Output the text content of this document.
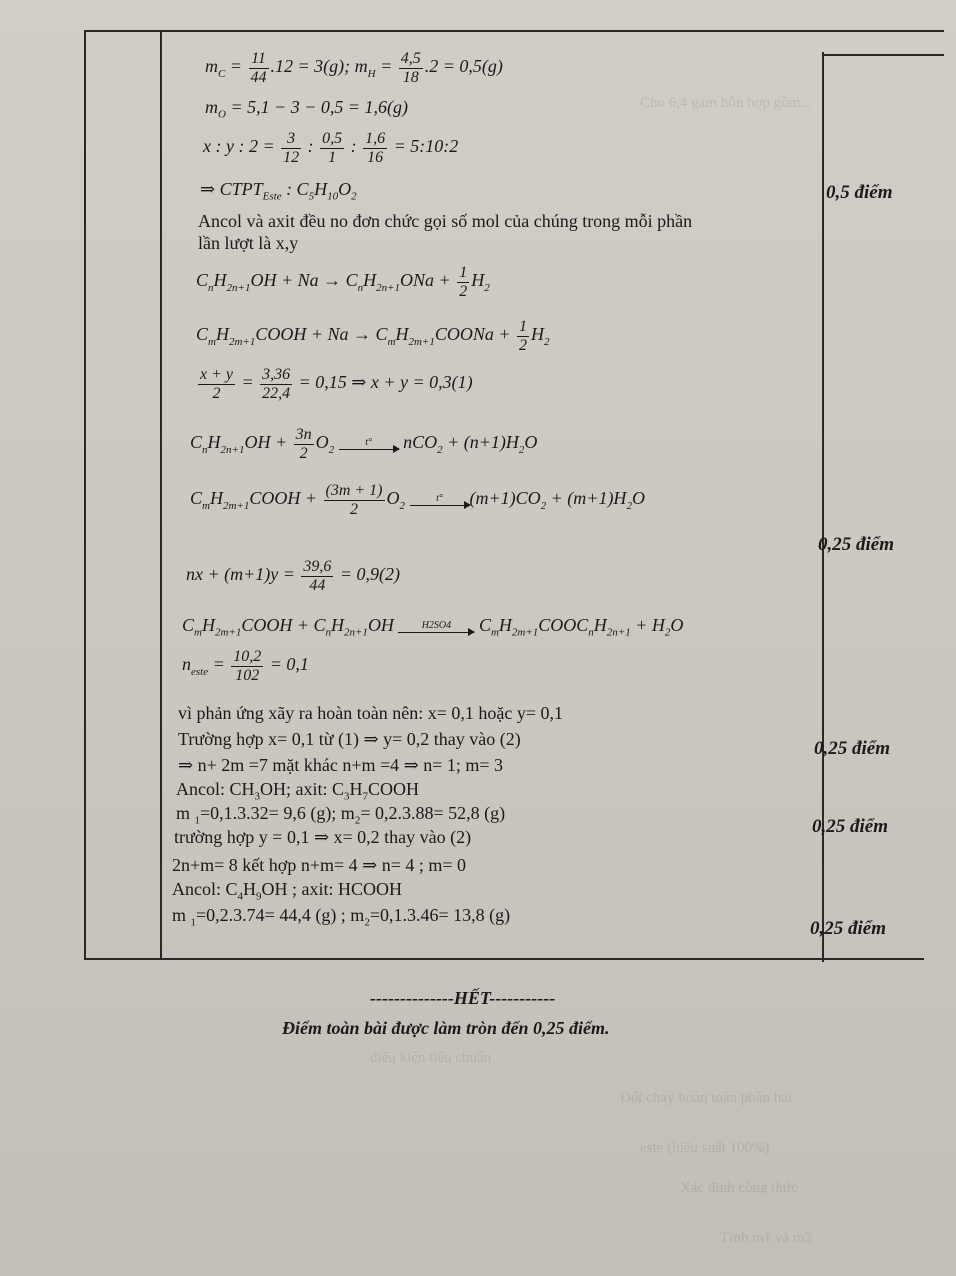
Cho 6,4 gam hỗn hợp gồm...
điều kiện tiêu chuẩn
Đốt cháy hoàn toàn phần hai
este (hiệu suất 100%)
Xác định công thức
Tính m1 và m2
$m_C = \frac{11}{44} .12 = 3(g)$; $m_H = \frac{4,5}{18} .2 = 0,5(g)$
$m_O = 5,1 - 3 - 0,5 = 1,6(g)$
x : y : $2 = \frac{3}{12}$ : $\frac{0,5}{1}$ : $\frac{1,6}{16}$ = 5:10:2
⇒ $CTPT_{Este}$ : $C_5H_{10}O_2$
Ancol và axit đều no đơn chức gọi số mol của chúng trong mỗi phần
lần lượt là x,y
$C_nH_{2n+1}OH + Na \to C_nH_{2n+1}ONa + \frac{1}{2} H_2$
$C_mH_{2m+1}COOH + Na$ → $C_mH_{2m+1}COONa + \frac{1}{2} H_2$
$\frac{x + y}{2} = \frac{3,36}{22,4} = 0,15$ ⇒ x + y = 0,3(1)
$C_nH_{2n+1}OH + \frac{3n}{2} O_2$
t°	$nCO_2 + (n+1)H_2O$
$C_mH_{2m+1}COOH + \frac{(3m + 1)}{2} O_2$
t°	$(m+1)CO_2 + (m+1)H_2O$
nx + $(m+1)y = \frac{39,6}{44} = 0,9(2)$
$C_mH_{2m+1}COOH + C_nH_{2n+1}OH$	H2SO4	$C_mH_{2m+1}COOC_nH_{2n+1} + H_2O$
$n_{este} = \frac{10,2}{102} = 0,1$
vì phản ứng xãy ra hoàn toàn nên: x= 0,1 hoặc y= 0,1
Trường hợp x= 0,1 từ (1) ⇒ y= 0,2 thay vào (2)
⇒ n+ 2m =7 mặt khác n+m =4 ⇒ n= 1; m= 3
Ancol: $CH_3OH$; axit: $C_3H_7COOH$
m $_1$=0,1.3.32= 9,6 (g); $m_2= 0,2.3.88= 52,8$ (g)
trường hợp y = 0,1 ⇒ x= 0,2 thay vào (2)
2n+m= 8 kết hợp n+m= 4 ⇒ n= 4 ; m= 0
Ancol: $C_4H_9OH$ ; axit: HCOOH
m $_1$=0,2.3.74= 44,4 (g) ; $m_2=0,1.3.46= 13,8$ (g)
0,5 điểm
0,25 điểm
0,25 điểm
0,25 điểm
0,25 điểm
--------------HẾT-----------
Điểm toàn bài được làm tròn đến 0,25 điểm.
